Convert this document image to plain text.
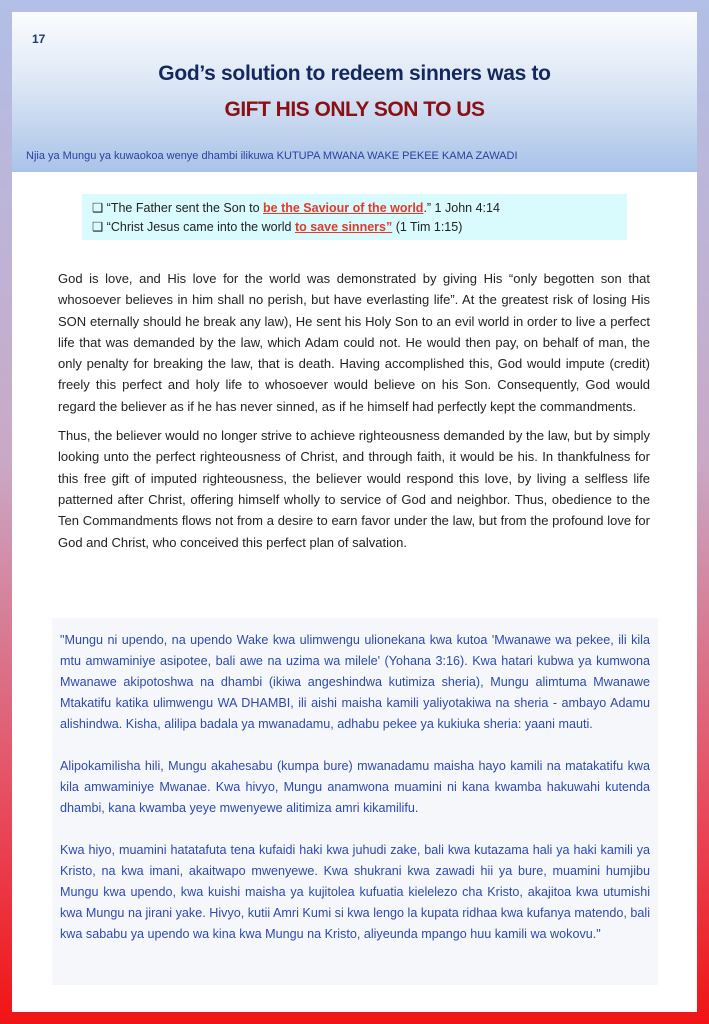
17
God’s solution to redeem sinners was to
GIFT HIS ONLY SON TO US
Njia ya Mungu ya kuwaokoa wenye dhambi ilikuwa KUTUPA MWANA WAKE PEKEE KAMA ZAWADI
❑ “The Father sent the Son to be the Saviour of the world.” 1 John 4:14
❑ “Christ Jesus came into the world to save sinners” (1 Tim 1:15)

God is love, and His love for the world was demonstrated by giving His “only begotten son that whosoever believes in him shall no perish, but have everlasting life”. At the greatest risk of losing His SON eternally should he break any law), He sent his Holy Son to an evil world in order to live a perfect life that was demanded by the law, which Adam could not. He would then pay, on behalf of man, the only penalty for breaking the law, that is death. Having accomplished this, God would impute (credit) freely this perfect and holy life to whosoever would believe on his Son. Consequently, God would regard the believer as if he has never sinned, as if he himself had perfectly kept the commandments.

Thus, the believer would no longer strive to achieve righteousness demanded by the law, but by simply looking unto the perfect righteousness of Christ, and through faith, it would be his. In thankfulness for this free gift of imputed righteousness, the believer would respond this love, by living a selfless life patterned after Christ, offering himself wholly to service of God and neighbor. Thus, obedience to the Ten Commandments flows not from a desire to earn favor under the law, but from the profound love for God and Christ, who conceived this perfect plan of salvation.

"Mungu ni upendo, na upendo Wake kwa ulimwengu ulionekana kwa kutoa 'Mwanawe wa pekee, ili kila mtu amwaminiye asipotee, bali awe na uzima wa milele' (Yohana 3:16). Kwa hatari kubwa ya kumwona Mwanawe akipotoshwa na dhambi (ikiwa angeshindwa kutimiza sheria), Mungu alimtuma Mwanawe Mtakatifu katika ulimwengu WA DHAMBI, ili aishi maisha kamili yaliyotakiwa na sheria - ambayo Adamu alishindwa. Kisha, alilipa badala ya mwanadamu, adhabu pekee ya kukiuka sheria: yaani mauti.

Alipokamilisha hili, Mungu akahesabu (kumpa bure) mwanadamu maisha hayo kamili na matakatifu kwa kila amwaminiye Mwanae. Kwa hivyo, Mungu anamwona muamini ni kana kwamba hakuwahi kutenda dhambi, kana kwamba yeye mwenyewe alitimiza amri kikamilifu.

Kwa hiyo, muamini hatatafuta tena kufaidi haki kwa juhudi zake, bali kwa kutazama hali ya haki kamili ya Kristo, na kwa imani, akaitwapo mwenyewe. Kwa shukrani kwa zawadi hii ya bure, muamini humjibu Mungu kwa upendo, kwa kuishi maisha ya kujitolea kufuatia kielelezo cha Kristo, akajitoa kwa utumishi kwa Mungu na jirani yake. Hivyo, kutii Amri Kumi si kwa lengo la kupata ridhaa kwa kufanya matendo, bali kwa sababu ya upendo wa kina kwa Mungu na Kristo, aliyeunda mpango huu kamili wa wokovu."
